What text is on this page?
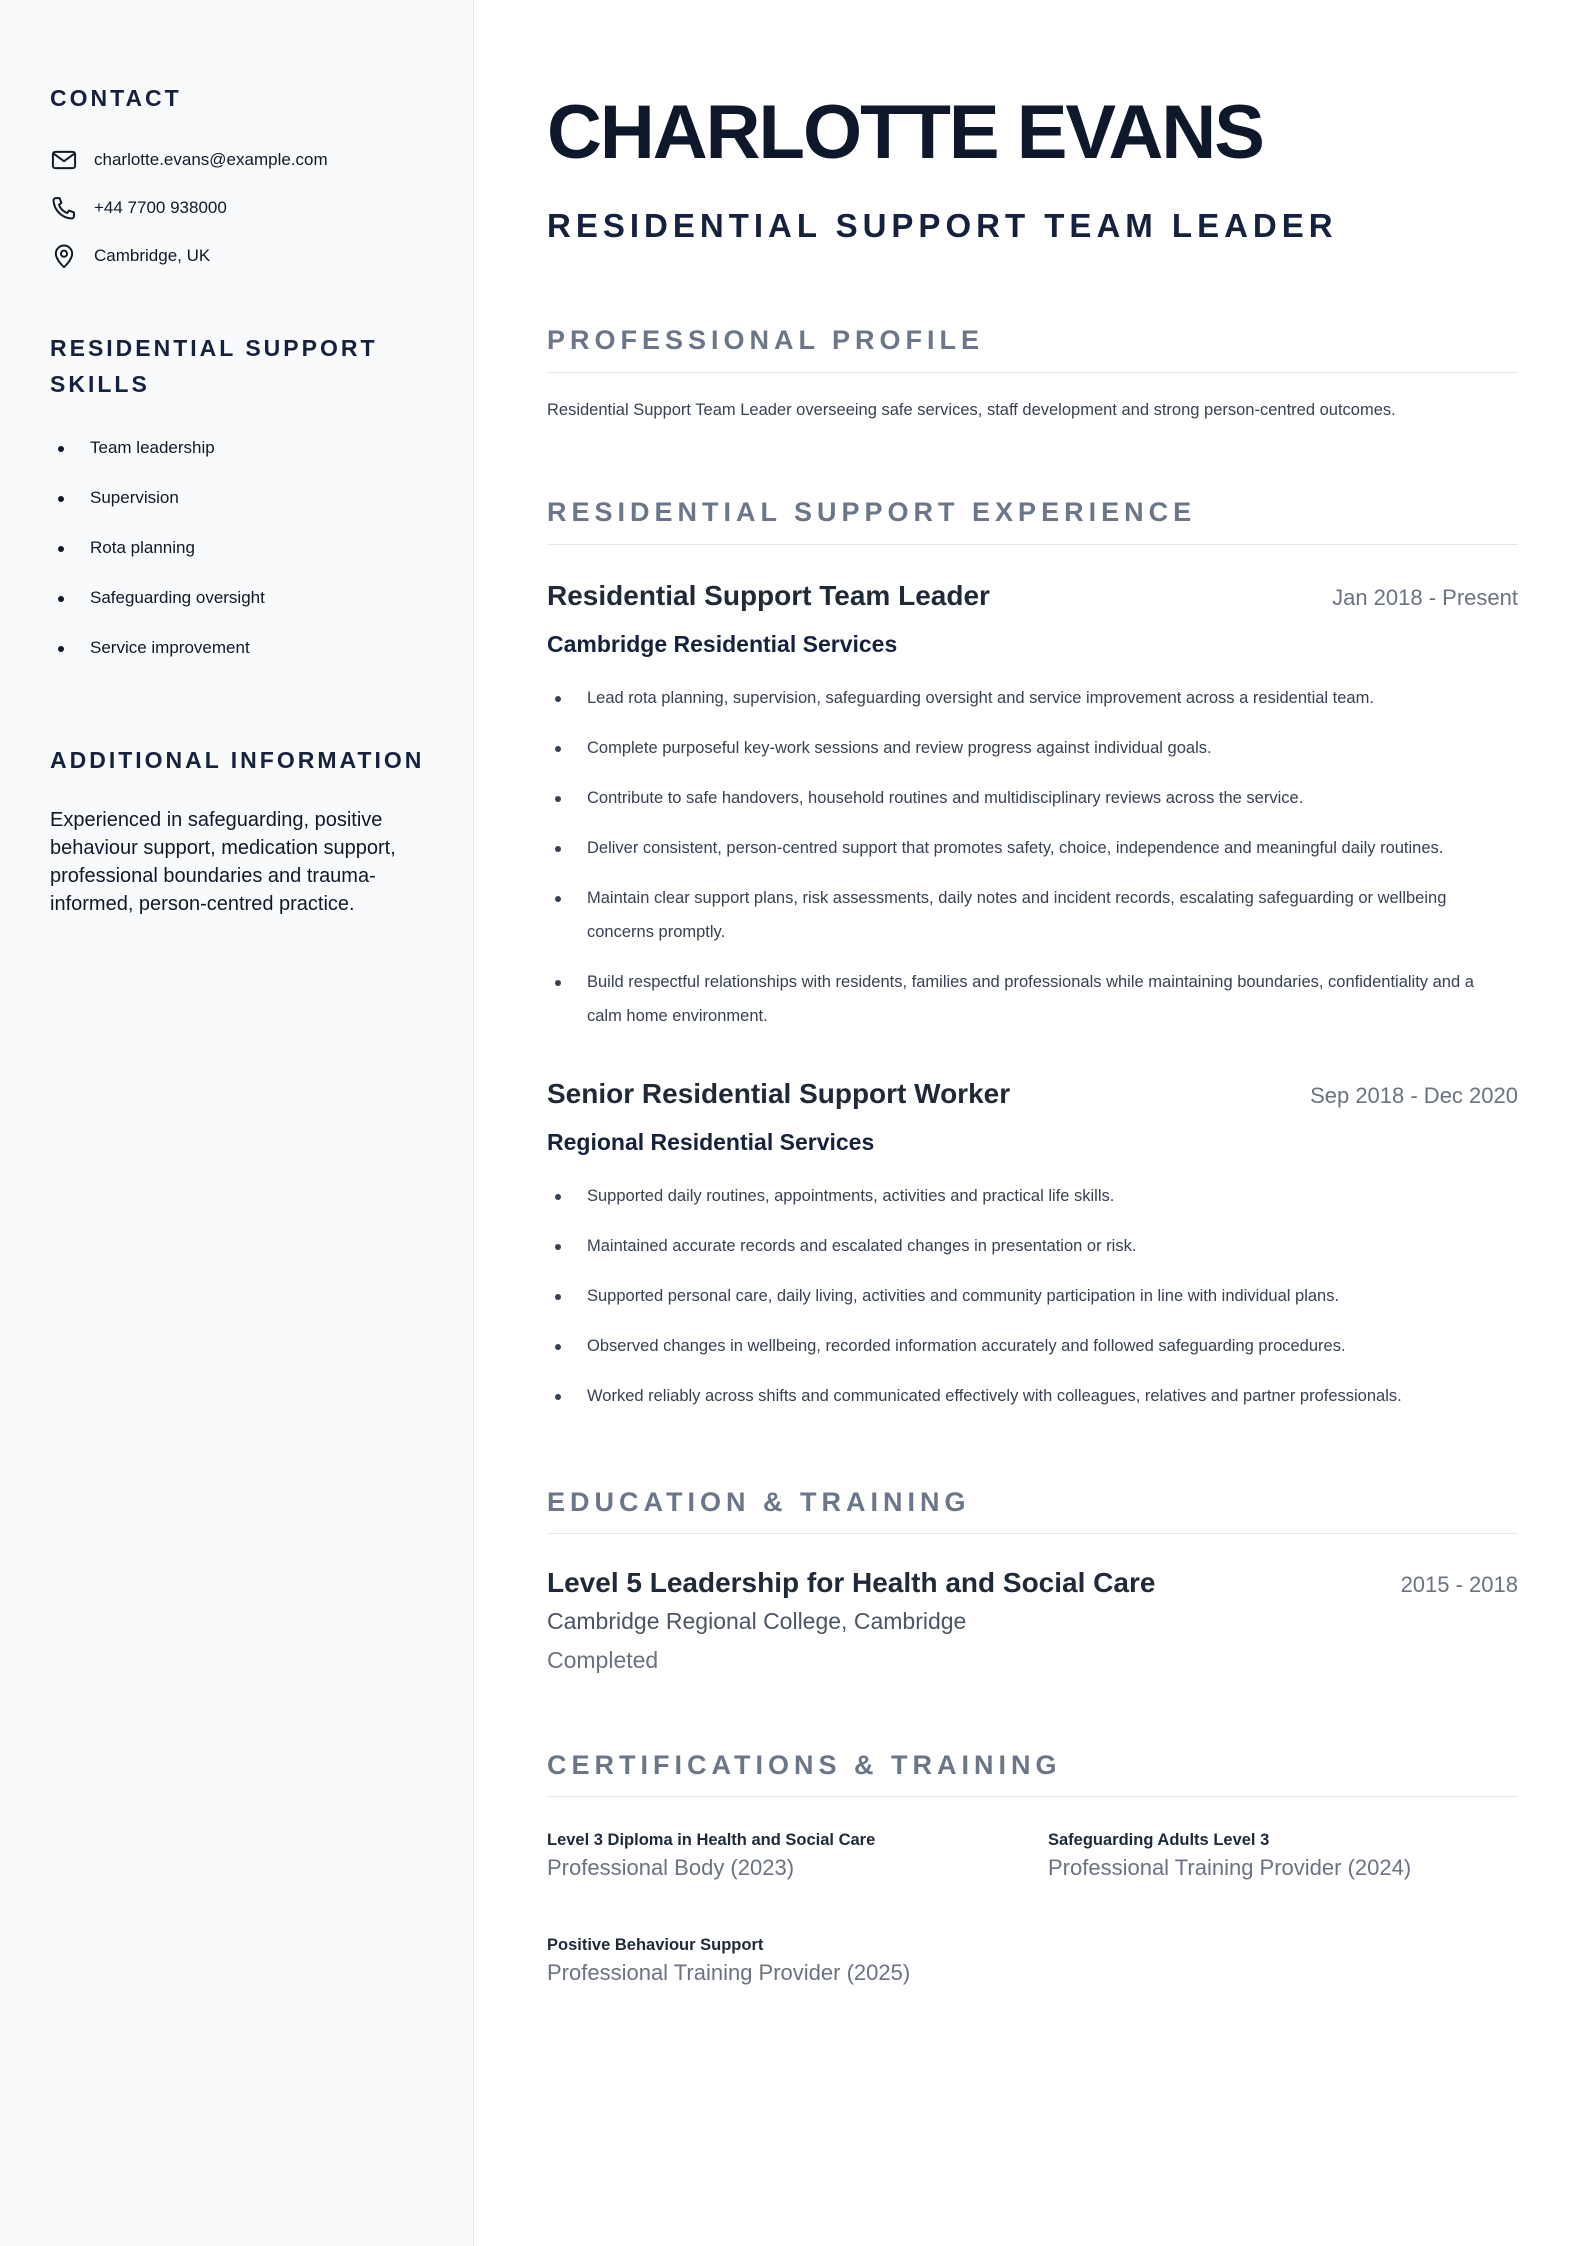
CONTACT
charlotte.evans@example.com
+44 7700 938000
Cambridge, UK
RESIDENTIAL SUPPORT
SKILLS
Team leadership
Supervision
Rota planning
Safeguarding oversight
Service improvement
ADDITIONAL INFORMATION

Experienced in safeguarding, positive behaviour support, medication support, professional boundaries and trauma-informed, person-centred practice.

CHARLOTTE EVANS
RESIDENTIAL SUPPORT TEAM LEADER
PROFESSIONAL PROFILE

Residential Support Team Leader overseeing safe services, staff development and strong person-centred outcomes.

RESIDENTIAL SUPPORT EXPERIENCE
Residential Support Team Leader	Jan 2018 - Present
Cambridge Residential Services
Lead rota planning, supervision, safeguarding oversight and service improvement across a residential team.
Complete purposeful key-work sessions and review progress against individual goals.
Contribute to safe handovers, household routines and multidisciplinary reviews across the service.
Deliver consistent, person-centred support that promotes safety, choice, independence and meaningful daily routines.
Maintain clear support plans, risk assessments, daily notes and incident records, escalating safeguarding or wellbeing concerns promptly.
Build respectful relationships with residents, families and professionals while maintaining boundaries, confidentiality and a calm home environment.
Senior Residential Support Worker	Sep 2018 - Dec 2020
Regional Residential Services
Supported daily routines, appointments, activities and practical life skills.
Maintained accurate records and escalated changes in presentation or risk.
Supported personal care, daily living, activities and community participation in line with individual plans.
Observed changes in wellbeing, recorded information accurately and followed safeguarding procedures.
Worked reliably across shifts and communicated effectively with colleagues, relatives and partner professionals.
EDUCATION & TRAINING
Level 5 Leadership for Health and Social Care	2015 - 2018

Cambridge Regional College, Cambridge

Completed

CERTIFICATIONS & TRAINING
Level 3 Diploma in Health and Social Care
Professional Body (2023)
Safeguarding Adults Level 3
Professional Training Provider (2024)
Positive Behaviour Support
Professional Training Provider (2025)
